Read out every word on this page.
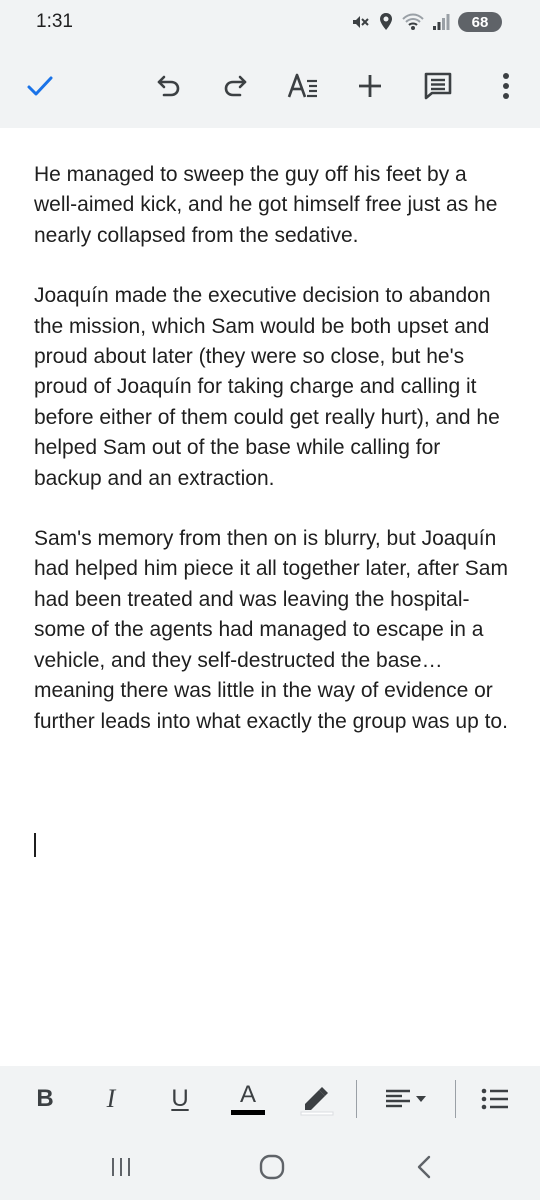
1:31	68

He managed to sweep the guy off his feet by a well-aimed kick, and he got himself free just as he nearly collapsed from the sedative.

Joaquín made the executive decision to abandon the mission, which Sam would be both upset and proud about later (they were so close, but he's proud of Joaquín for taking charge and calling it before either of them could get really hurt), and he helped Sam out of the base while calling for backup and an extraction.

Sam's memory from then on is blurry, but Joaquín had helped him piece it all together later, after Sam had been treated and was leaving the hospital- some of the agents had managed to escape in a vehicle, and they self-destructed the base…meaning there was little in the way of evidence or further leads into what exactly the group was up to.

B I U A
